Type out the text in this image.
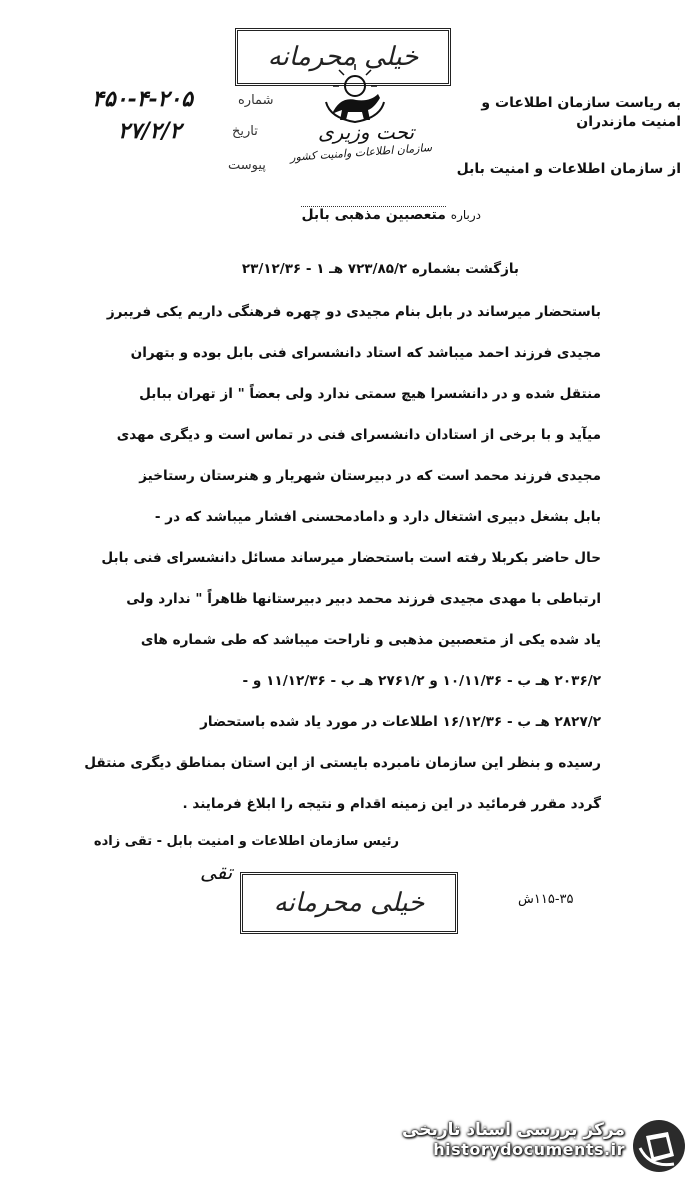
خیلی محرمانه
تحت وزیری
سازمان اطلاعات وامنیت کشور
۴۵۰-۴-۲۰۵	شماره
۲۷/۲/۲	تاریخ
پیوست
به ریاست سازمان اطلاعات و امنیت مازندران
از سازمان اطلاعات و امنیت بابل
درباره متعصبین مذهبی بابل
بازگشت بشماره ۷۲۳/۸۵/۲ هـ ۱ - ۲۳/۱۲/۳۶
باستحضار میرساند در بابل بنام مجیدی دو چهره فرهنگی داریم یکی فریبرز
مجیدی فرزند احمد میباشد که استاد دانشسرای فنی بابل بوده و بتهران
منتقل شده و در دانشسرا هیچ سمتی ندارد ولی بعضاً " از تهران ببابل
میآید و با برخی از استادان دانشسرای فنی در تماس است و دیگری مهدی
مجیدی فرزند محمد است که در دبیرستان شهریار و هنرستان رستاخیز
بابل بشغل دبیری اشتغال دارد و دامادمحسنی افشار میباشد که در -
حال حاضر بکربلا رفته است باستحضار میرساند مسائل دانشسرای فنی بابل
ارتباطی با مهدی مجیدی فرزند محمد دبیر دبیرستانها ظاهراً " ندارد ولی
یاد شده یکی از متعصبین مذهبی و ناراحت میباشد که طی شماره های
۲۰۳۶/۲ هـ ب - ۱۰/۱۱/۳۶ و ۲۷۶۱/۲ هـ ب - ۱۱/۱۲/۳۶ و -
۲۸۲۷/۲ هـ ب - ۱۶/۱۲/۳۶ اطلاعات در مورد یاد شده باستحضار
رسیده و بنظر این سازمان نامبرده بایستی از این استان بمناطق دیگری منتقل
گردد مقرر فرمائید در این زمینه اقدام و نتیجه را ابلاغ فرمایند .
رئیس سازمان اطلاعات و امنیت بابل - تقی زاده
تقی
خیلی محرمانه	۱۱۵-۳۵ش
مرکز بررسی اسناد تاریخی
historydocuments.ir
